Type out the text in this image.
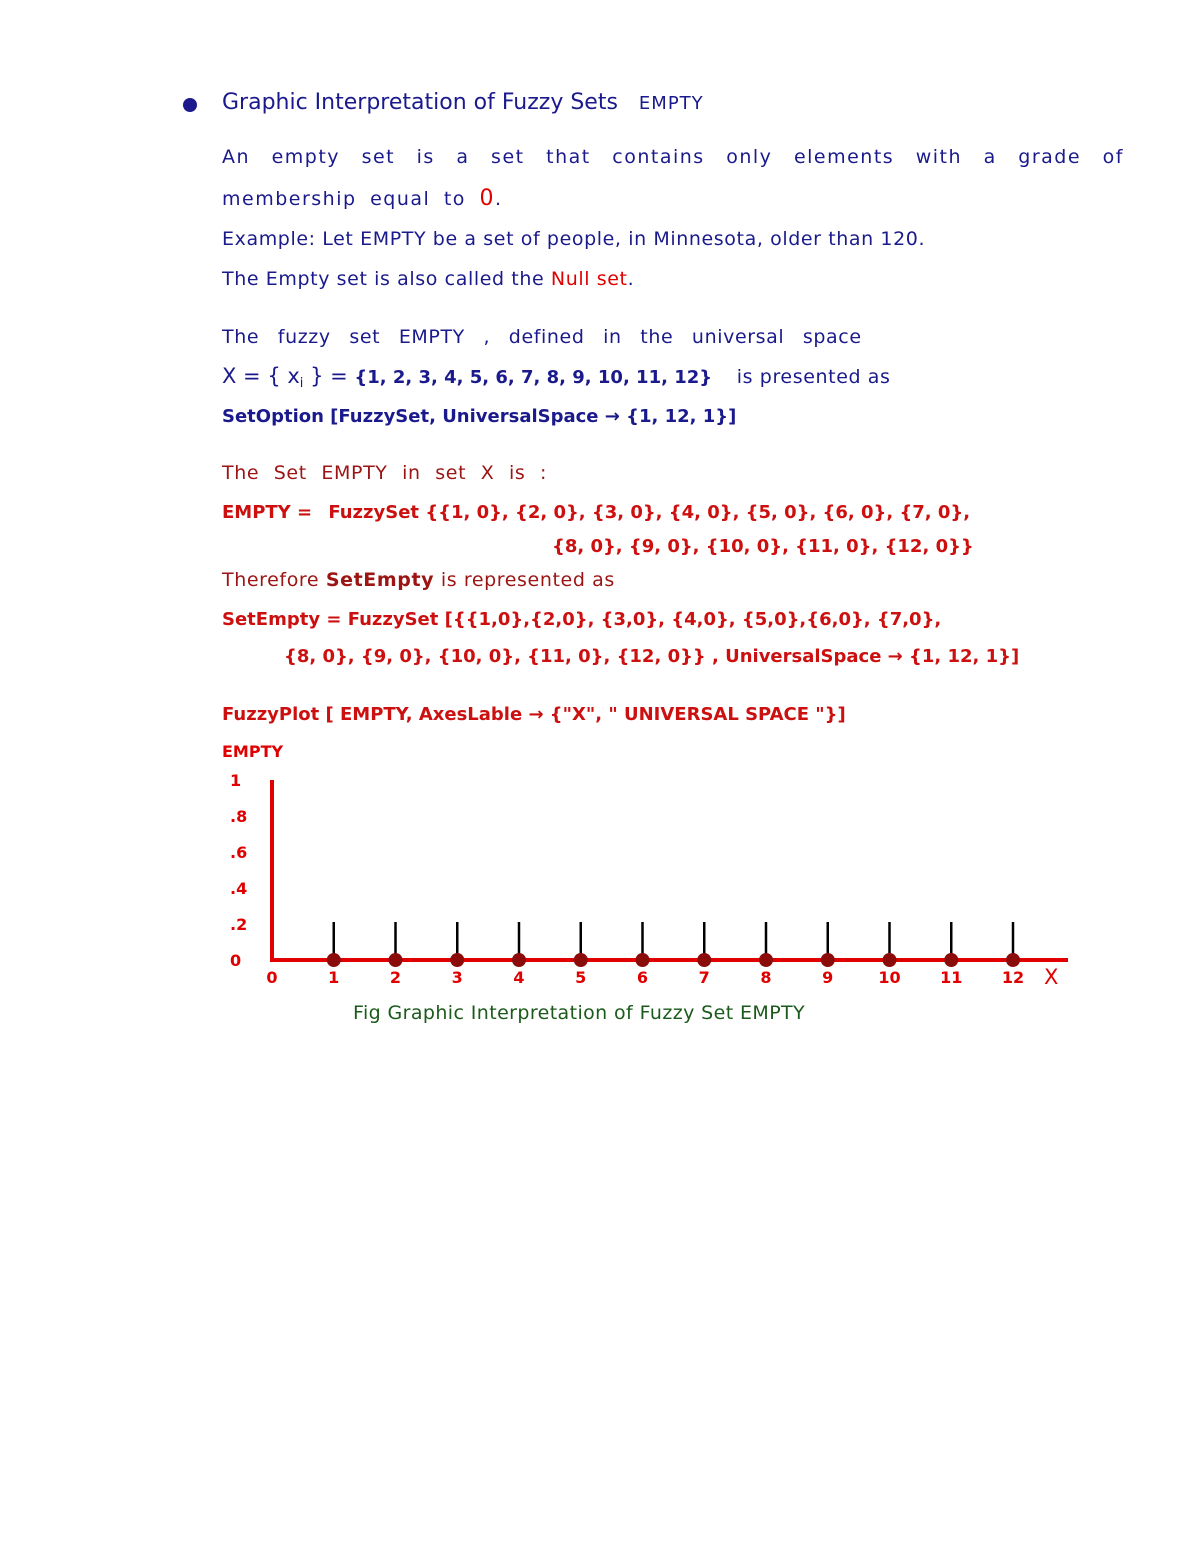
Graphic Interpretation of Fuzzy Sets EMPTY
An empty set is a set that contains only elements with a grade of
membership equal to 0.
Example: Let EMPTY be a set of people, in Minnesota, older than 120.
The Empty set is also called the Null set.
The fuzzy set EMPTY , defined in the universal space
X = { $x_i$ } = {1, 2, 3, 4, 5, 6, 7, 8, 9, 10, 11, 12} is presented as
SetOption [FuzzySet, UniversalSpace → {1, 12, 1}]
The Set EMPTY in set X is :
EMPTY = FuzzySet {{1, 0}, {2, 0}, {3, 0}, {4, 0}, {5, 0}, {6, 0}, {7, 0},
{8, 0}, {9, 0}, {10, 0}, {11, 0}, {12, 0}}
Therefore SetEmpty is represented as
SetEmpty = FuzzySet [{{1,0},{2,0}, {3,0}, {4,0}, {5,0},{6,0}, {7,0},
{8, 0}, {9, 0}, {10, 0}, {11, 0}, {12, 0}} , UniversalSpace → {1, 12, 1}]
FuzzyPlot [ EMPTY, AxesLable → {"X", " UNIVERSAL SPACE "}]
EMPTY
0
.2
.4
.6
.8
1
0	1	2	3	4	5	6	7	8	9	10 11 12 X
Fig Graphic Interpretation of Fuzzy Set EMPTY
